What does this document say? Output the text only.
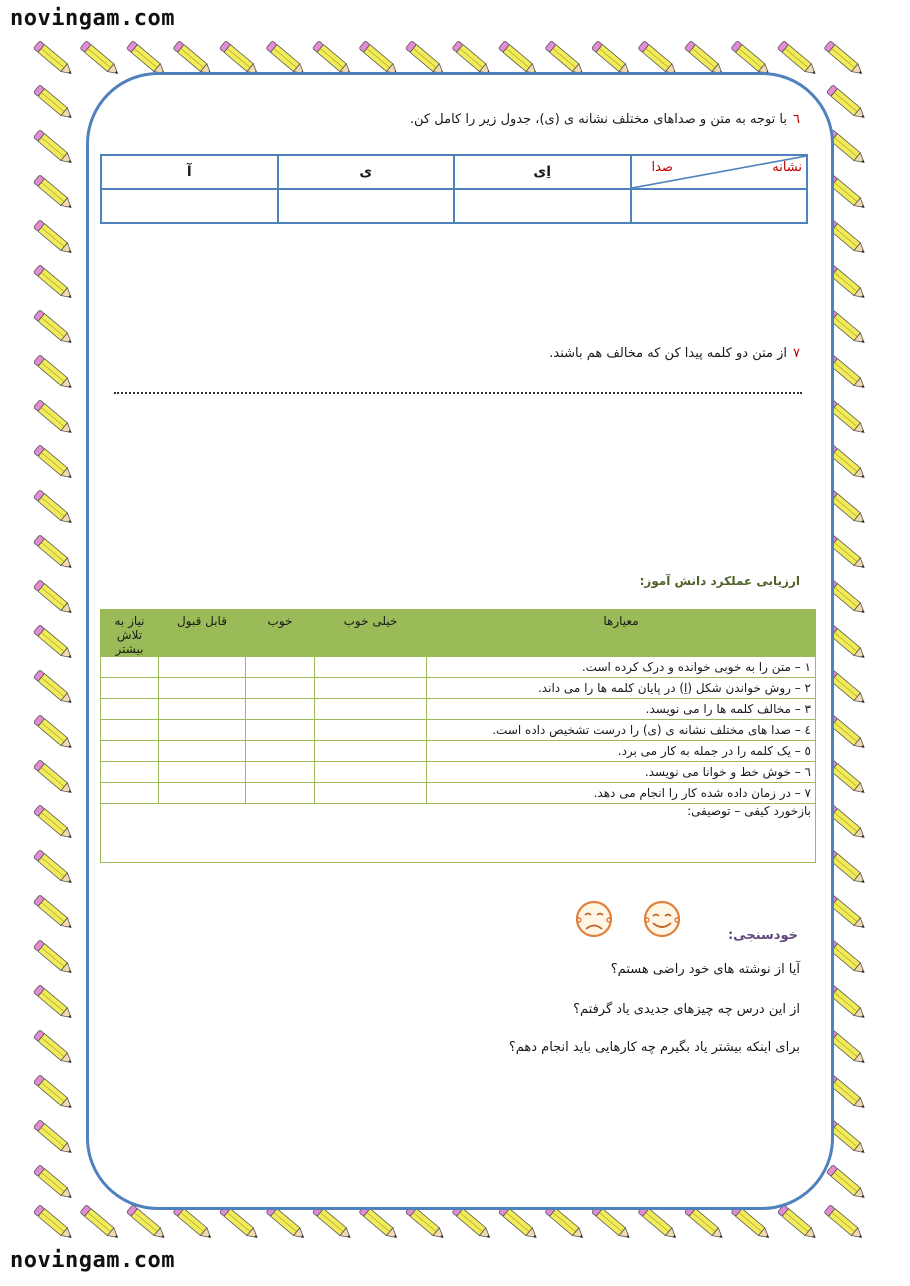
novingam.com
novingam.com
٦با توجه به متن و صداهای مختلف نشانه ی (ی)، جدول زیر را کامل کن.
نشانه
صدا	اِی	ی	آ

٧از متن دو کلمه پیدا کن که مخالف هم باشند.
ارزیابی عملکرد دانش آموز:
معیارها	خیلی خوب	خوب	قابل قبول	نیاز به تلاش بیشتر
١ – متن را به خوبی خوانده و درک کرده است.				
٢ – روش خواندن شکل (اِ) در پایان کلمه ها را می داند.				
٣ – مخالف کلمه ها را می نویسد.				
٤ – صدا های مختلف نشانه ی (ی) را درست تشخیص داده است.				
٥ – یک کلمه را در جمله به کار می برد.				
٦ – خوش خط و خوانا می نویسد.				
٧ – در زمان داده شده کار را انجام می دهد.				
بازخورد کیفی – توصیفی:				
خودسنجی:
آیا از نوشته های خود راضی هستم؟
از این درس چه چیزهای جدیدی یاد گرفتم؟
برای اینکه بیشتر یاد بگیرم چه کارهایی باید انجام دهم؟
